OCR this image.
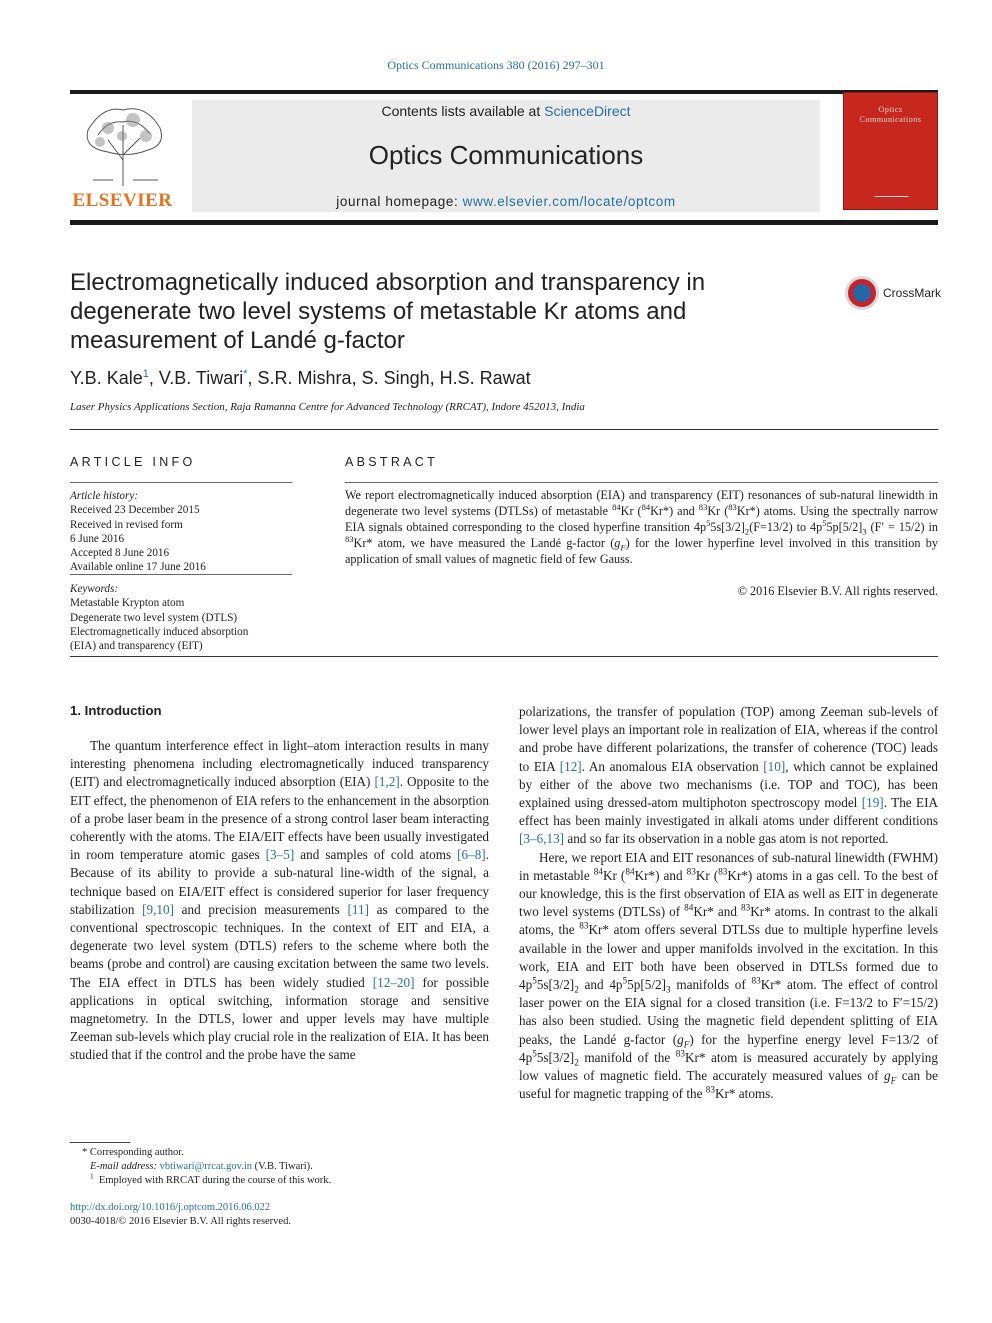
Optics Communications 380 (2016) 297–301
ELSEVIER
Contents lists available at ScienceDirect
Optics Communications
journal homepage: www.elsevier.com/locate/optcom
Optics
Communications
Electromagnetically induced absorption and transparency in degenerate two level systems of metastable Kr atoms and measurement of Landé g-factor
CrossMark
Y.B. Kale$^1$, V.B. Tiwari*, S.R. Mishra, S. Singh, H.S. Rawat
Laser Physics Applications Section, Raja Ramanna Centre for Advanced Technology (RRCAT), Indore 452013, India
ARTICLE INFO
Article history:
Received 23 December 2015
Received in revised form
6 June 2016
Accepted 8 June 2016
Available online 17 June 2016
Keywords:
Metastable Krypton atom
Degenerate two level system (DTLS)
Electromagnetically induced absorption
(EIA) and transparency (EIT)
ABSTRACT
We report electromagnetically induced absorption (EIA) and transparency (EIT) resonances of sub-natural linewidth in degenerate two level systems (DTLSs) of metastable $^{84}$Kr ($^{84}$Kr*) and $^{83}$Kr ($^{83}$Kr*) atoms. Using the spectrally narrow EIA signals obtained corresponding to the closed hyperfine transition $4p^55s[3/2]_2(F=13/2)$ to $4p^55p[5/2]_3$ (F′ = 15/2) in $^{83}$Kr* atom, we have measured the Landé g-factor $(g_F)$ for the lower hyperfine level involved in this transition by application of small values of magnetic field of few Gauss.
© 2016 Elsevier B.V. All rights reserved.
1. Introduction

The quantum interference effect in light–atom interaction results in many interesting phenomena including electromagnetically induced transparency (EIT) and electromagnetically induced absorption (EIA) [1,2]. Opposite to the EIT effect, the phenomenon of EIA refers to the enhancement in the absorption of a probe laser beam in the presence of a strong control laser beam interacting coherently with the atoms. The EIA/EIT effects have been usually investigated in room temperature atomic gases [3–5] and samples of cold atoms [6–8]. Because of its ability to provide a sub-natural line-width of the signal, a technique based on EIA/EIT effect is considered superior for laser frequency stabilization [9,10] and precision measurements [11] as compared to the conventional spectroscopic techniques. In the context of EIT and EIA, a degenerate two level system (DTLS) refers to the scheme where both the beams (probe and control) are causing excitation between the same two levels. The EIA effect in DTLS has been widely studied [12–20] for possible applications in optical switching, information storage and sensitive magnetometry. In the DTLS, lower and upper levels may have multiple Zeeman sub-levels which play crucial role in the realization of EIA. It has been studied that if the control and the probe have the same

polarizations, the transfer of population (TOP) among Zeeman sub-levels of lower level plays an important role in realization of EIA, whereas if the control and probe have different polarizations, the transfer of coherence (TOC) leads to EIA [12]. An anomalous EIA observation [10], which cannot be explained by either of the above two mechanisms (i.e. TOP and TOC), has been explained using dressed-atom multiphoton spectroscopy model [19]. The EIA effect has been mainly investigated in alkali atoms under different conditions [3–6,13] and so far its observation in a noble gas atom is not reported.

Here, we report EIA and EIT resonances of sub-natural linewidth (FWHM) in metastable $^{84}$Kr ($^{84}$Kr*) and $^{83}$Kr ($^{83}$Kr*) atoms in a gas cell. To the best of our knowledge, this is the first observation of EIA as well as EIT in degenerate two level systems (DTLSs) of $^{84}$Kr* and $^{83}$Kr* atoms. In contrast to the alkali atoms, the $^{83}$Kr* atom offers several DTLSs due to multiple hyperfine levels available in the lower and upper manifolds involved in the excitation. In this work, EIA and EIT both have been observed in DTLSs formed due to $4p^55s[3/2]_2$ and $4p^55p[5/2]_3$ manifolds of $^{83}$Kr* atom. The effect of control laser power on the EIA signal for a closed transition (i.e. F=13/2 to F′=15/2) has also been studied. Using the magnetic field dependent splitting of EIA peaks, the Landé g-factor $(g_F)$ for the hyperfine energy level F=13/2 of $4p^55s[3/2]_2$ manifold of the $^{83}$Kr* atom is measured accurately by applying low values of magnetic field. The accurately measured values of $g_F$ can be useful for magnetic trapping of the $^{83}$Kr* atoms.

* Corresponding author.
E-mail address: vbtiwari@rrcat.gov.in (V.B. Tiwari).
$^1$ Employed with RRCAT during the course of this work.
http://dx.doi.org/10.1016/j.optcom.2016.06.022
0030-4018/© 2016 Elsevier B.V. All rights reserved.
